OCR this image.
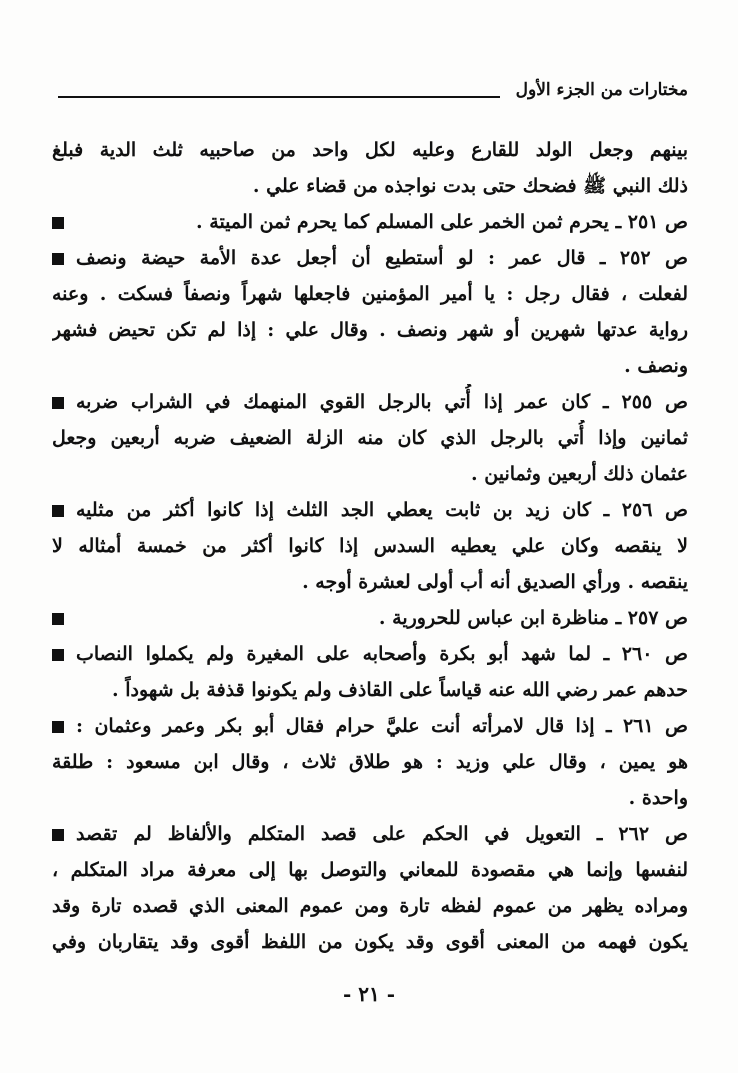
مختارات من الجزء الأول
بينهم وجعل الولد للقارع وعليه لكل واحد من صاحبيه ثلث الدية فبلغ
ذلك النبي ﷺ فضحك حتى بدت نواجذه من قضاء علي .
ص ٢٥١ ـ يحرم ثمن الخمر على المسلم كما يحرم ثمن الميتة .
ص ٢٥٢ ـ قال عمر : لو أستطيع أن أجعل عدة الأمة حيضة ونصف
لفعلت ، فقال رجل : يا أمير المؤمنين فاجعلها شهراً ونصفاً فسكت . وعنه
رواية عدتها شهرين أو شهر ونصف . وقال علي : إذا لم تكن تحيض فشهر
ونصف .
ص ٢٥٥ ـ كان عمر إذا أُتي بالرجل القوي المنهمك في الشراب ضربه
ثمانين وإذا أُتي بالرجل الذي كان منه الزلة الضعيف ضربه أربعين وجعل
عثمان ذلك أربعين وثمانين .
ص ٢٥٦ ـ كان زيد بن ثابت يعطي الجد الثلث إذا كانوا أكثر من مثليه
لا ينقصه وكان علي يعطيه السدس إذا كانوا أكثر من خمسة أمثاله لا
ينقصه . ورأي الصديق أنه أب أولى لعشرة أوجه .
ص ٢٥٧ ـ مناظرة ابن عباس للحرورية .
ص ٢٦٠ ـ لما شهد أبو بكرة وأصحابه على المغيرة ولم يكملوا النصاب
حدهم عمر رضي الله عنه قياساً على القاذف ولم يكونوا قذفة بل شهوداً .
ص ٢٦١ ـ إذا قال لامرأته أنت عليَّ حرام فقال أبو بكر وعمر وعثمان :
هو يمين ، وقال علي وزيد : هو طلاق ثلاث ، وقال ابن مسعود : طلقة
واحدة .
ص ٢٦٢ ـ التعويل في الحكم على قصد المتكلم والألفاظ لم تقصد
لنفسها وإنما هي مقصودة للمعاني والتوصل بها إلى معرفة مراد المتكلم ،
ومراده يظهر من عموم لفظه تارة ومن عموم المعنى الذي قصده تارة وقد
يكون فهمه من المعنى أقوى وقد يكون من اللفظ أقوى وقد يتقاربان وفي
- ٢١ -
